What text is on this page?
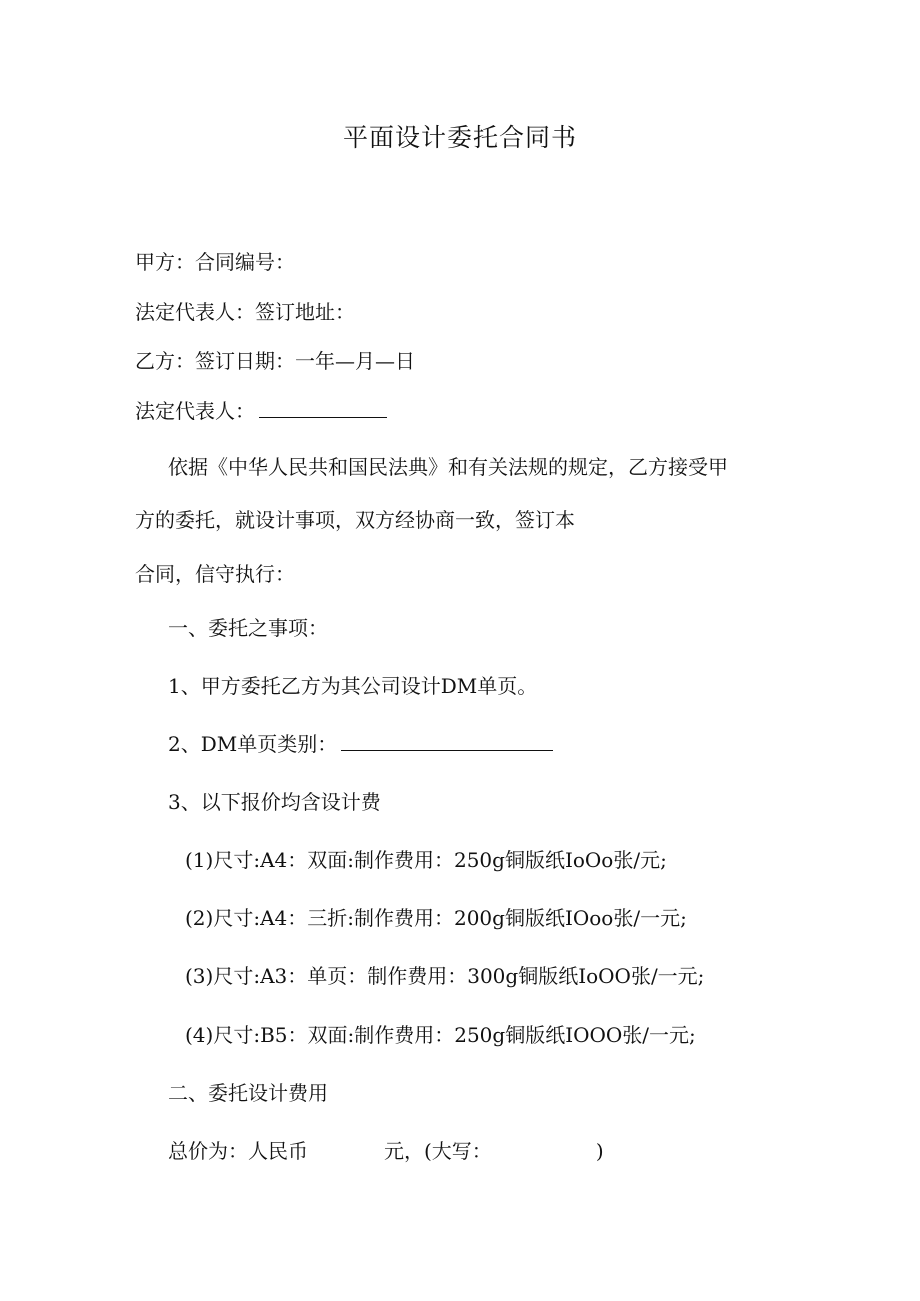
平面设计委托合同书
甲方：合同编号：
法定代表人：签订地址：
乙方：签订日期：一年—月—日
法定代表人：
依据《中华人民共和国民法典》和有关法规的规定，乙方接受甲
方的委托，就设计事项，双方经协商一致，签订本
合同，信守执行：
一、委托之事项：
1、甲方委托乙方为其公司设计DM单页。
2、DM单页类别：
3、以下报价均含设计费
(1)尺寸:A4：双面:制作费用：250g铜版纸IoOo张/元;
(2)尺寸:A4：三折:制作费用：200g铜版纸IOoo张/一元;
(3)尺寸:A3：单页：制作费用：300g铜版纸IoOO张/一元;
(4)尺寸:B5：双面:制作费用：250g铜版纸IOOO张/一元;
二、委托设计费用
总价为：人民币	元，(大写：	)
